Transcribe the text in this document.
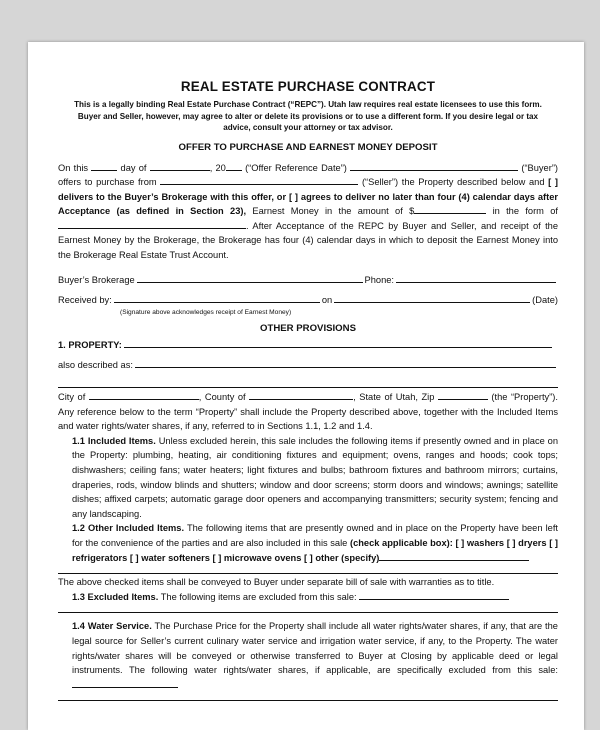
REAL ESTATE PURCHASE CONTRACT
This is a legally binding Real Estate Purchase Contract (“REPC”). Utah law requires real estate licensees to use this form. Buyer and Seller, however, may agree to alter or delete its provisions or to use a different form. If you desire legal or tax advice, consult your attorney or tax advisor.
OFFER TO PURCHASE AND EARNEST MONEY DEPOSIT

On this	day of	, 20 (“Offer Reference Date”)	(“Buyer”) offers to purchase from	(“Seller”) the Property described below and [ ] delivers to the Buyer’s Brokerage with this offer, or [ ] agrees to deliver no later than four (4) calendar days after Acceptance (as defined in Section 23), Earnest Money in the amount of $	in the form of . After Acceptance of the REPC by Buyer and Seller, and receipt of the Earnest Money by the Brokerage, the Brokerage has four (4) calendar days in which to deposit the Earnest Money into the Brokerage Real Estate Trust Account.

Buyer’s Brokerage	Phone:
Received by:	on	(Date)
(Signature above acknowledges receipt of Earnest Money)
OTHER PROVISIONS
1. PROPERTY:
also described as:

City of	, County of	, State of Utah, Zip	(the “Property”). Any reference below to the term “Property” shall include the Property described above, together with the Included Items and water rights/water shares, if any, referred to in Sections 1.1, 1.2 and 1.4.

1.1 Included Items. Unless excluded herein, this sale includes the following items if presently owned and in place on the Property: plumbing, heating, air conditioning fixtures and equipment; ovens, ranges and hoods; cook tops; dishwashers; ceiling fans; water heaters; light fixtures and bulbs; bathroom fixtures and bathroom mirrors; curtains, draperies, rods, window blinds and shutters; window and door screens; storm doors and windows; awnings; satellite dishes; affixed carpets; automatic garage door openers and accompanying transmitters; security system; fencing and any landscaping.

1.2 Other Included Items. The following items that are presently owned and in place on the Property have been left for the convenience of the parties and are also included in this sale (check applicable box): [ ] washers [ ] dryers [ ] refrigerators [ ] water softeners [ ] microwave ovens [ ] other (specify)

The above checked items shall be conveyed to Buyer under separate bill of sale with warranties as to title.

1.3 Excluded Items. The following items are excluded from this sale:

1.4 Water Service. The Purchase Price for the Property shall include all water rights/water shares, if any, that are the legal source for Seller’s current culinary water service and irrigation water service, if any, to the Property. The water rights/water shares will be conveyed or otherwise transferred to Buyer at Closing by applicable deed or legal instruments. The following water rights/water shares, if applicable, are specifically excluded from this sale:
